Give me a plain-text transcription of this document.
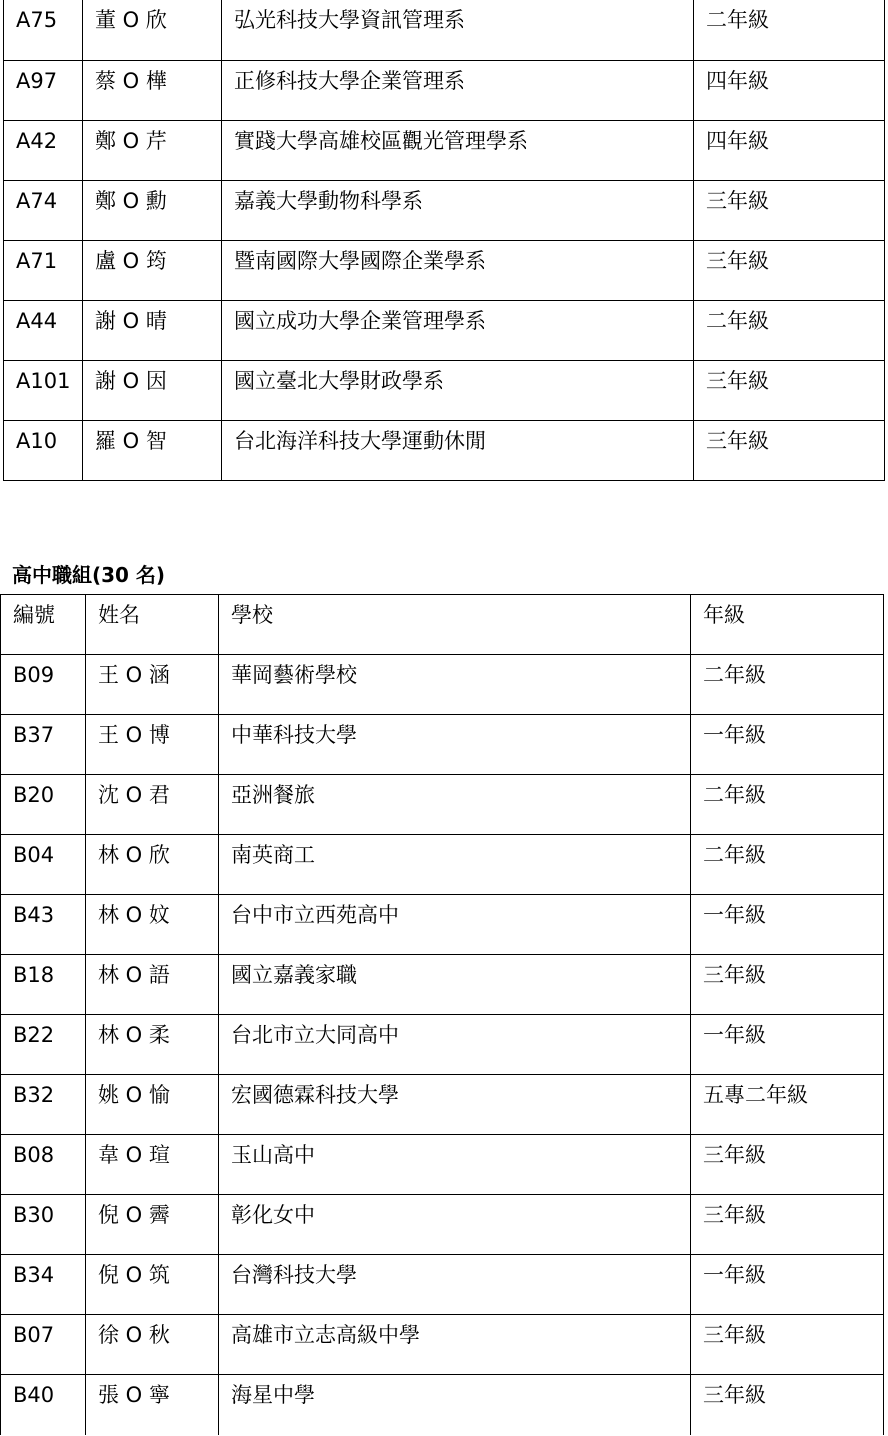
A75	董 O 欣	弘光科技大學資訊管理系	二年級
A97	蔡 O 樺	正修科技大學企業管理系	四年級
A42	鄭 O 芹	實踐大學高雄校區觀光管理學系	四年級
A74	鄭 O 勳	嘉義大學動物科學系	三年級
A71	盧 O 筠	暨南國際大學國際企業學系	三年級
A44	謝 O 晴	國立成功大學企業管理學系	二年級
A101	謝 O 因	國立臺北大學財政學系	三年級
A10	羅 O 智	台北海洋科技大學運動休閒	三年級
高中職組(30 名)
編號	姓名	學校	年級
B09	王 O 涵	華岡藝術學校	二年級
B37	王 O 博	中華科技大學	一年級
B20	沈 O 君	亞洲餐旅	二年級
B04	林 O 欣	南英商工	二年級
B43	林 O 妏	台中市立西苑高中	一年級
B18	林 O 語	國立嘉義家職	三年級
B22	林 O 柔	台北市立大同高中	一年級
B32	姚 O 愉	宏國德霖科技大學	五專二年級
B08	韋 O 瑄	玉山高中	三年級
B30	倪 O 霽	彰化女中	三年級
B34	倪 O 筑	台灣科技大學	一年級
B07	徐 O 秋	高雄市立志高級中學	三年級
B40	張 O 寧	海星中學	三年級
